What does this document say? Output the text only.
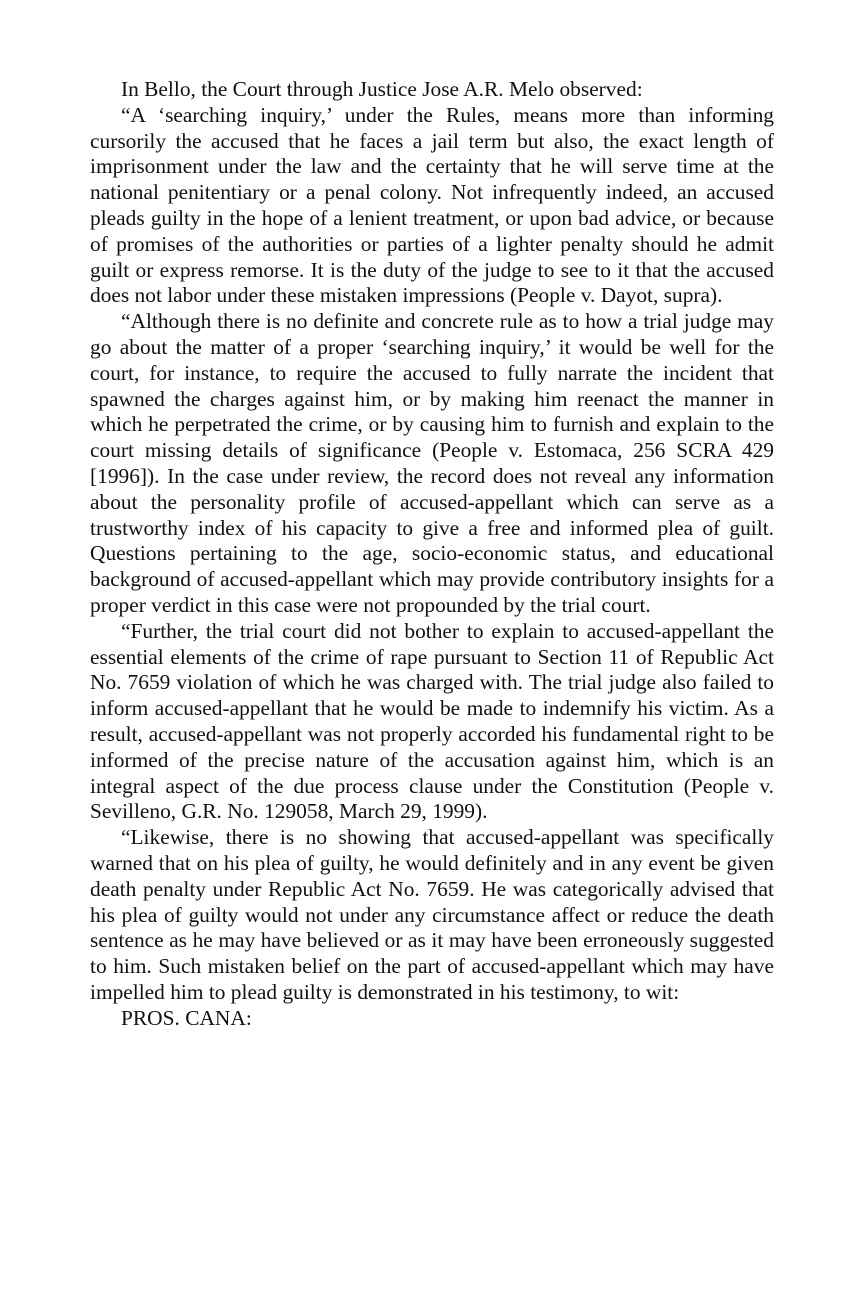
In Bello, the Court through Justice Jose A.R. Melo observed:

“A ‘searching inquiry,’ under the Rules, means more than informing cursorily the accused that he faces a jail term but also, the exact length of imprisonment under the law and the certainty that he will serve time at the national penitentiary or a penal colony. Not infrequently indeed, an accused pleads guilty in the hope of a lenient treatment, or upon bad advice, or because of promises of the authorities or parties of a lighter penalty should he admit guilt or express remorse. It is the duty of the judge to see to it that the accused does not labor under these mistaken impressions (People v. Dayot, supra).

“Although there is no definite and concrete rule as to how a trial judge may go about the matter of a proper ‘searching inquiry,’ it would be well for the court, for instance, to require the accused to fully narrate the incident that spawned the charges against him, or by making him reenact the manner in which he perpetrated the crime, or by causing him to furnish and explain to the court missing details of significance (People v. Estomaca, 256 SCRA 429 [1996]). In the case under review, the record does not reveal any information about the personality profile of accused-appellant which can serve as a trustworthy index of his capacity to give a free and informed plea of guilt. Questions pertaining to the age, socio-economic status, and educational background of accused-appellant which may provide contributory insights for a proper verdict in this case were not propounded by the trial court.

“Further, the trial court did not bother to explain to accused-appellant the essential elements of the crime of rape pursuant to Section 11 of Republic Act No. 7659 violation of which he was charged with. The trial judge also failed to inform accused-appellant that he would be made to indemnify his victim. As a result, accused-appellant was not properly accorded his fundamental right to be informed of the precise nature of the accusation against him, which is an integral aspect of the due process clause under the Constitution (People v. Sevilleno, G.R. No. 129058, March 29, 1999).

“Likewise, there is no showing that accused-appellant was specifically warned that on his plea of guilty, he would definitely and in any event be given death penalty under Republic Act No. 7659. He was categorically advised that his plea of guilty would not under any circumstance affect or reduce the death sentence as he may have believed or as it may have been erroneously suggested to him. Such mistaken belief on the part of accused-appellant which may have impelled him to plead guilty is demonstrated in his testimony, to wit:

PROS. CANA:
